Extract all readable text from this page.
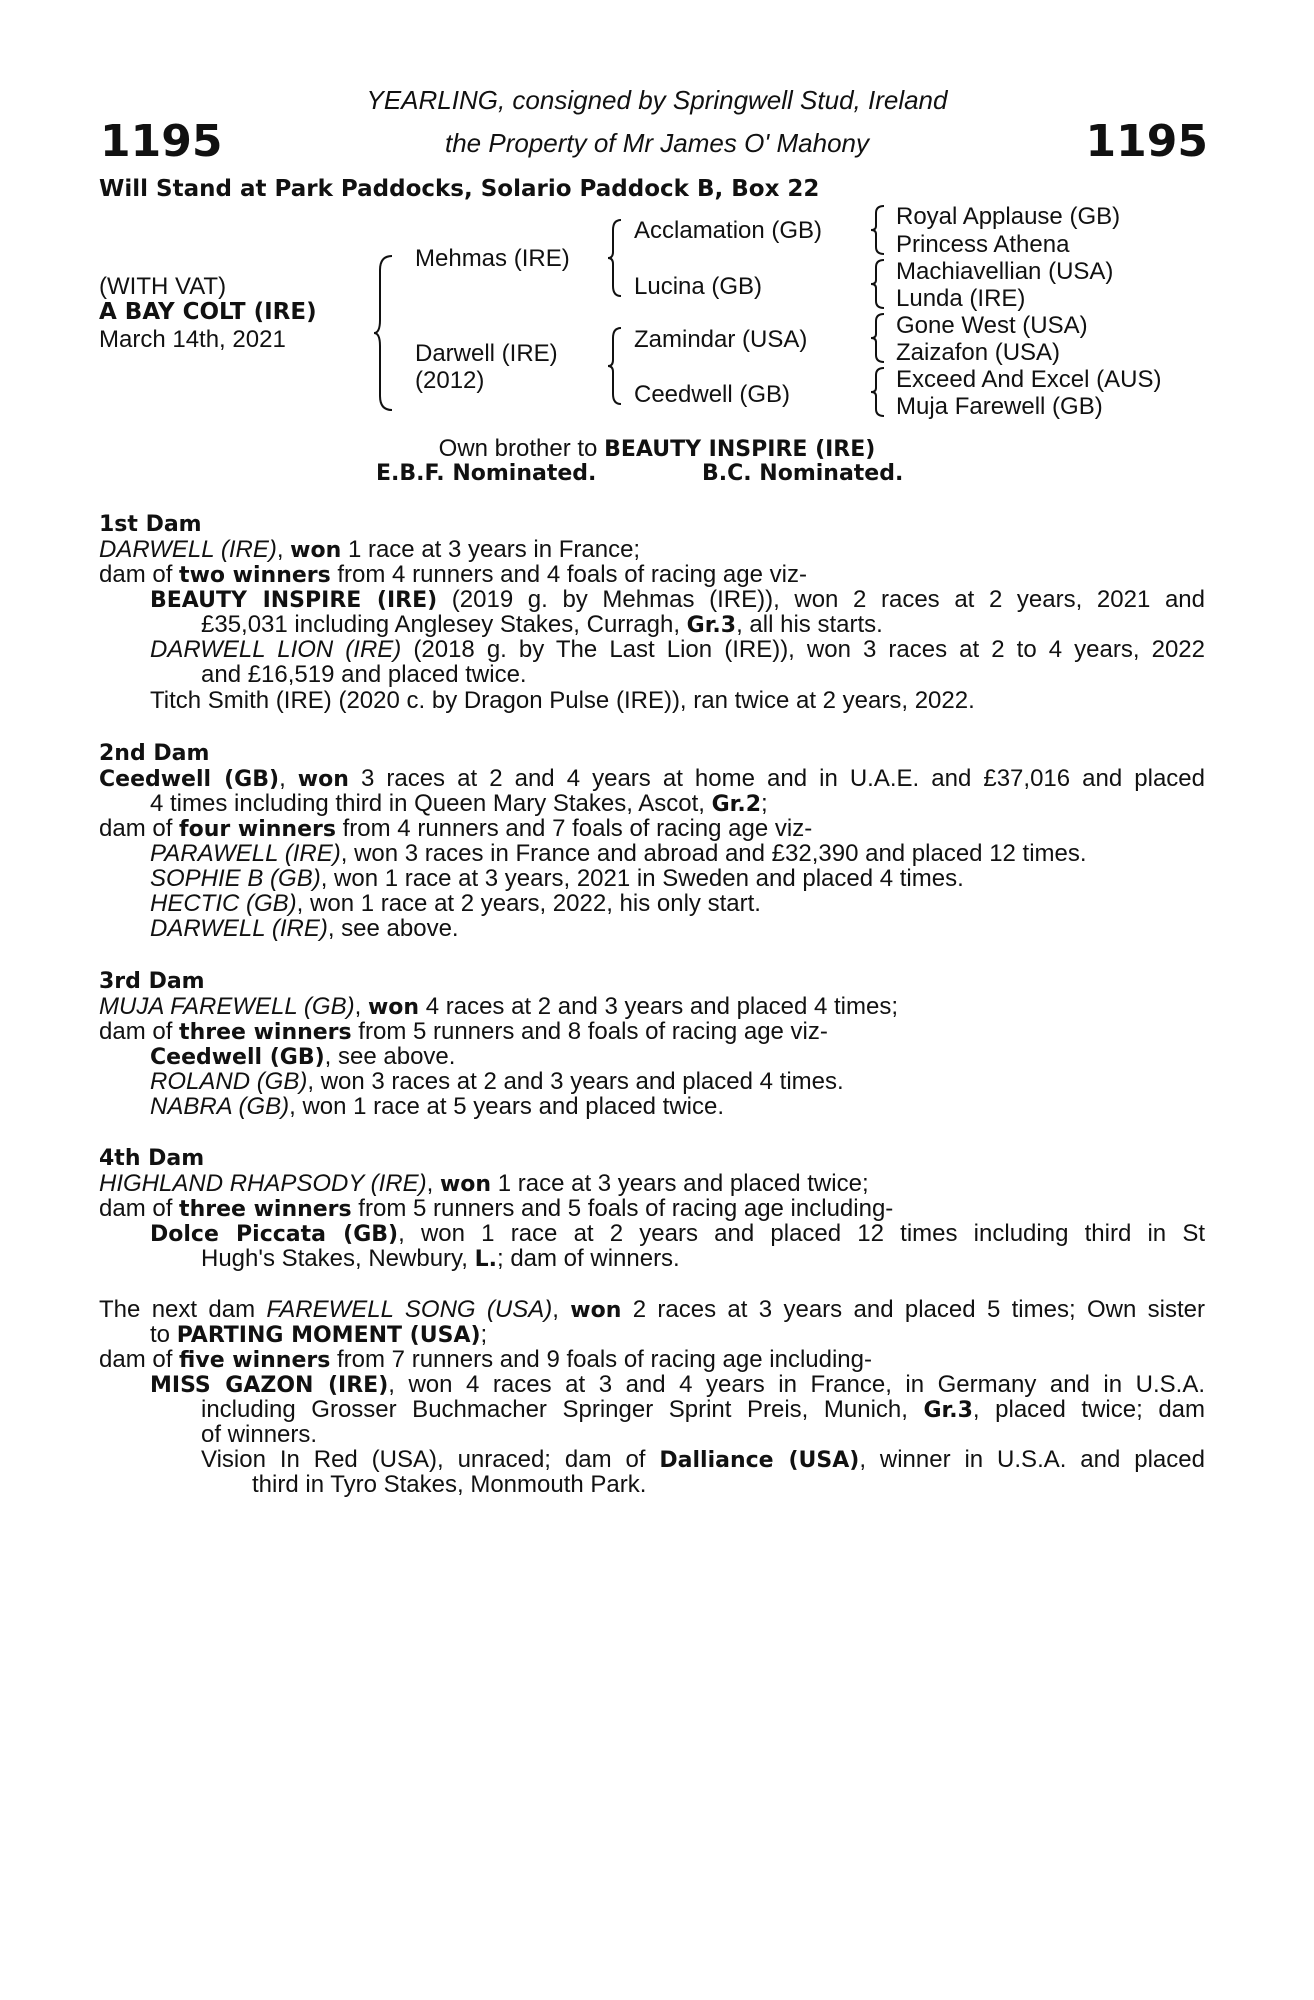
1195	1195
YEARLING, consigned by Springwell Stud, Ireland
the Property of Mr James O' Mahony
Will Stand at Park Paddocks, Solario Paddock B, Box 22
(WITH VAT)
A BAY COLT (IRE)
March 14th, 2021
Mehmas (IRE)
Darwell (IRE)
(2012)
Acclamation (GB)
Lucina (GB)
Zamindar (USA)
Ceedwell (GB)
Royal Applause (GB)
Princess Athena
Machiavellian (USA)
Lunda (IRE)
Gone West (USA)
Zaizafon (USA)
Exceed And Excel (AUS)
Muja Farewell (GB)
Own brother to BEAUTY INSPIRE (IRE)
E.B.F. Nominated.	B.C. Nominated.
1st Dam
DARWELL (IRE), won 1 race at 3 years in France;
dam of two winners from 4 runners and 4 foals of racing age viz-
BEAUTY INSPIRE (IRE) (2019 g. by Mehmas (IRE)), won 2 races at 2 years, 2021 and
£35,031 including Anglesey Stakes, Curragh, Gr.3, all his starts.
DARWELL LION (IRE) (2018 g. by The Last Lion (IRE)), won 3 races at 2 to 4 years, 2022
and £16,519 and placed twice.
Titch Smith (IRE) (2020 c. by Dragon Pulse (IRE)), ran twice at 2 years, 2022.
2nd Dam
Ceedwell (GB), won 3 races at 2 and 4 years at home and in U.A.E. and £37,016 and placed
4 times including third in Queen Mary Stakes, Ascot, Gr.2;
dam of four winners from 4 runners and 7 foals of racing age viz-
PARAWELL (IRE), won 3 races in France and abroad and £32,390 and placed 12 times.
SOPHIE B (GB), won 1 race at 3 years, 2021 in Sweden and placed 4 times.
HECTIC (GB), won 1 race at 2 years, 2022, his only start.
DARWELL (IRE), see above.
3rd Dam
MUJA FAREWELL (GB), won 4 races at 2 and 3 years and placed 4 times;
dam of three winners from 5 runners and 8 foals of racing age viz-
Ceedwell (GB), see above.
ROLAND (GB), won 3 races at 2 and 3 years and placed 4 times.
NABRA (GB), won 1 race at 5 years and placed twice.
4th Dam
HIGHLAND RHAPSODY (IRE), won 1 race at 3 years and placed twice;
dam of three winners from 5 runners and 5 foals of racing age including-
Dolce Piccata (GB), won 1 race at 2 years and placed 12 times including third in St
Hugh's Stakes, Newbury, L.; dam of winners.
The next dam FAREWELL SONG (USA), won 2 races at 3 years and placed 5 times; Own sister
to PARTING MOMENT (USA);
dam of five winners from 7 runners and 9 foals of racing age including-
MISS GAZON (IRE), won 4 races at 3 and 4 years in France, in Germany and in U.S.A.
including Grosser Buchmacher Springer Sprint Preis, Munich, Gr.3, placed twice; dam
of winners.
Vision In Red (USA), unraced; dam of Dalliance (USA), winner in U.S.A. and placed
third in Tyro Stakes, Monmouth Park.
